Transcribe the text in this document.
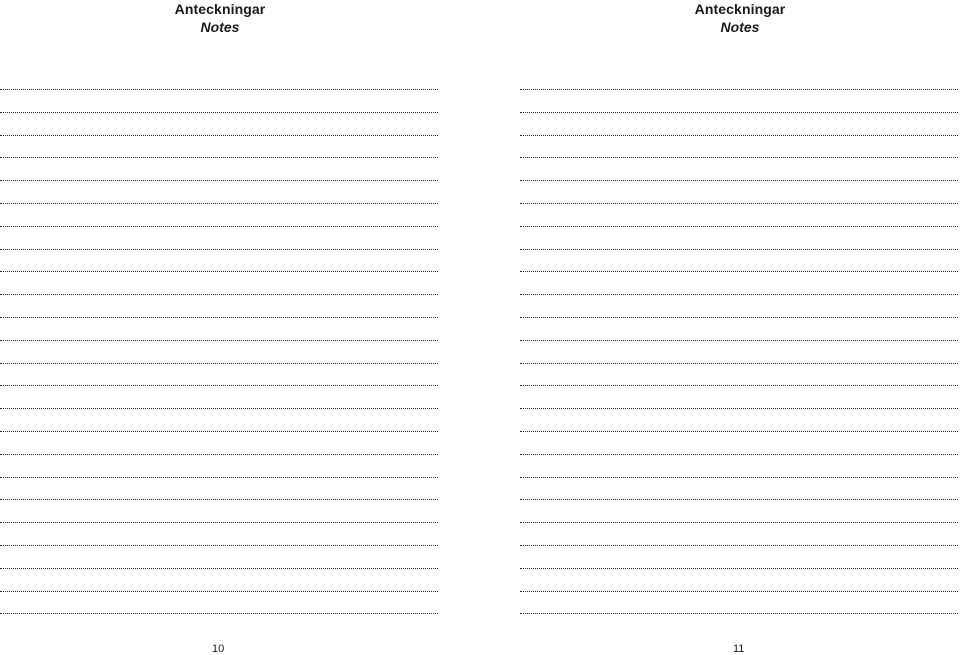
Anteckningar
Notes
10
Anteckningar
Notes
11
